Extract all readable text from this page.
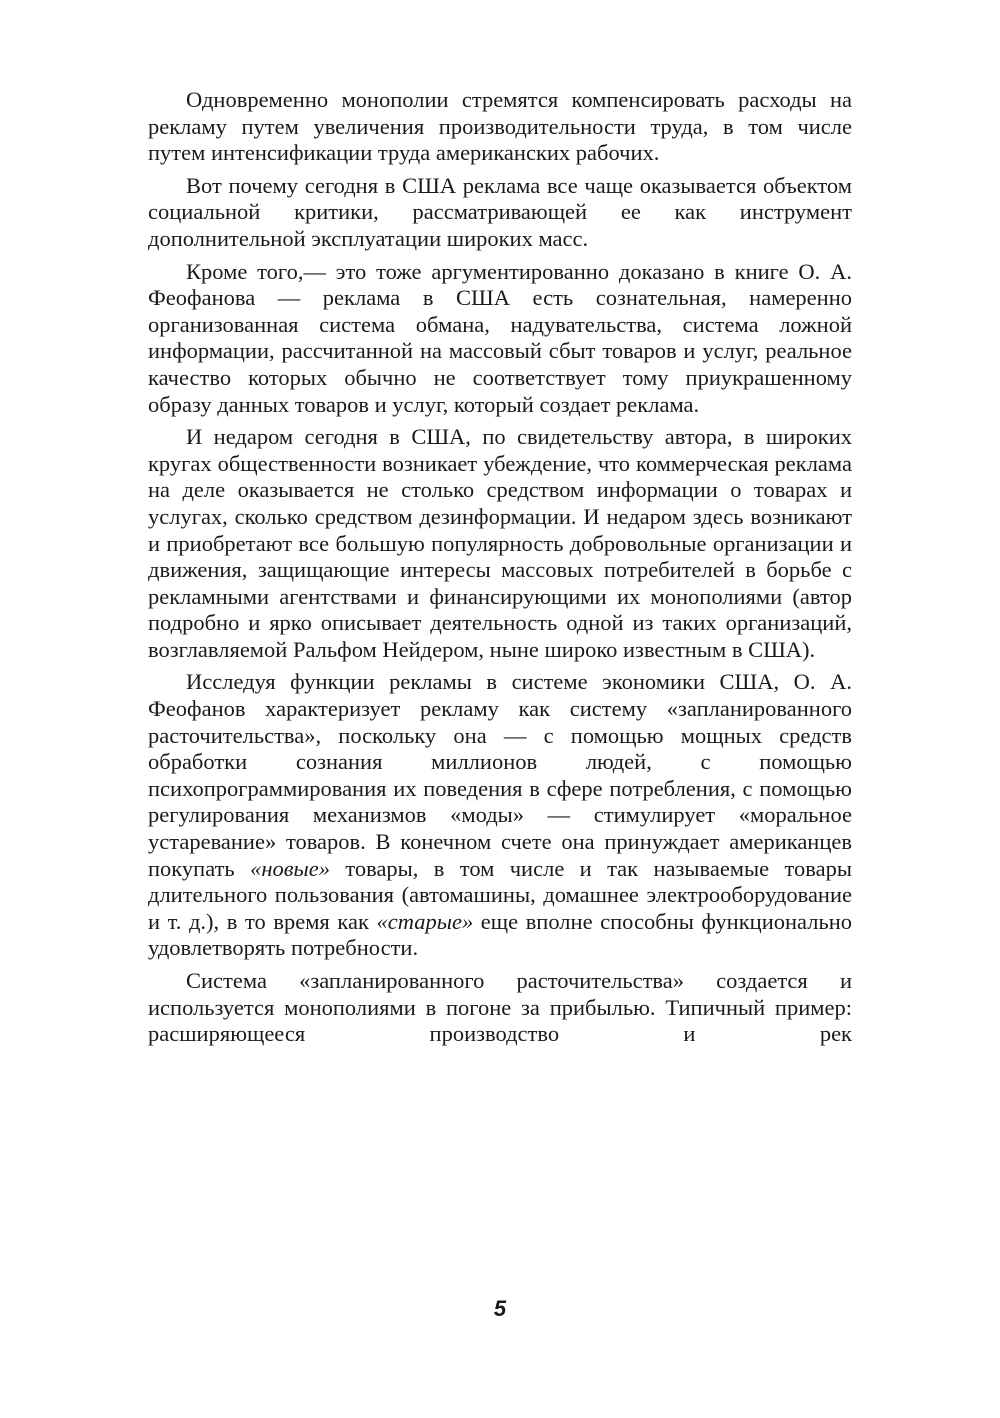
Одновременно монополии стремятся компенсировать расходы на рекламу путем увеличения производительности труда, в том числе путем интенсификации труда американских рабочих.

Вот почему сегодня в США реклама все чаще оказывается объектом социальной критики, рассматривающей ее как инструмент дополнительной эксплуатации широких масс.

Кроме того,— это тоже аргументированно доказано в книге О. А. Феофанова — реклама в США есть сознательная, намеренно организованная система обмана, надувательства, система ложной информации, рассчитанной на массовый сбыт товаров и услуг, реальное качество которых обычно не соответствует тому приукрашенному образу данных товаров и услуг, который создает реклама.

И недаром сегодня в США, по свидетельству автора, в широких кругах общественности возникает убеждение, что коммерческая реклама на деле оказывается не столько средством информации о товарах и услугах, сколько средством дезинформации. И недаром здесь возникают и приобретают все большую популярность добровольные организации и движения, защищающие интересы массовых потребителей в борьбе с рекламными агентствами и финансирующими их монополиями (автор подробно и ярко описывает деятельность одной из таких организаций, возглавляемой Ральфом Нейдером, ныне широко известным в США).

Исследуя функции рекламы в системе экономики США, О. А. Феофанов характеризует рекламу как систему «запланированного расточительства», поскольку она — с помощью мощных средств обработки сознания миллионов людей, с помощью психопрограммирования их поведения в сфере потребления, с помощью регулирования механизмов «моды» — стимулирует «моральное устаревание» товаров. В конечном счете она принуждает американцев покупать «новые» товары, в том числе и так называемые товары длительного пользования (автомашины, домашнее электрооборудование и т. д.), в то время как «старые» еще вполне способны функционально удовлетворять потребности.

Система «запланированного расточительства» создается и используется монополиями в погоне за прибылью. Типичный пример: расширяющееся производство и рек

5
